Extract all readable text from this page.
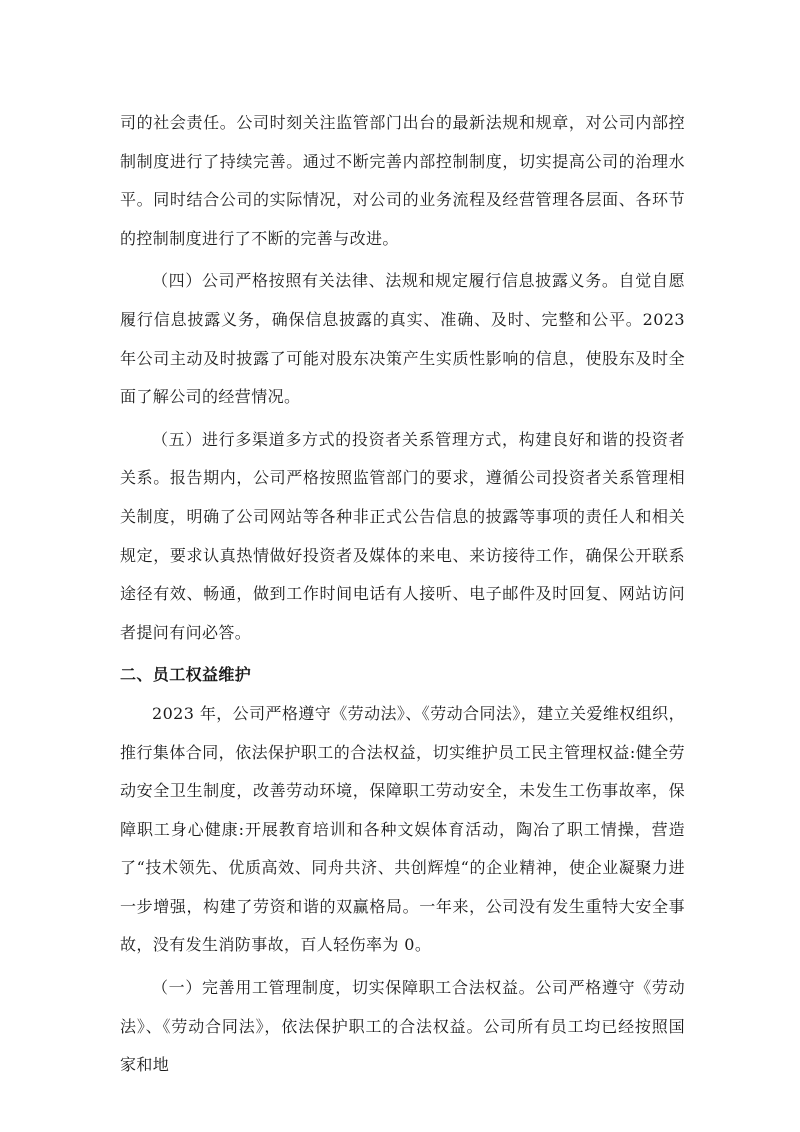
司的社会责任。公司时刻关注监管部门出台的最新法规和规章，对公司内部控制制度进行了持续完善。通过不断完善内部控制制度，切实提高公司的治理水平。同时结合公司的实际情况，对公司的业务流程及经营管理各层面、各环节的控制制度进行了不断的完善与改进。

（四）公司严格按照有关法律、法规和规定履行信息披露义务。自觉自愿履行信息披露义务，确保信息披露的真实、准确、及时、完整和公平。2023 年公司主动及时披露了可能对股东决策产生实质性影响的信息，使股东及时全面了解公司的经营情况。

（五）进行多渠道多方式的投资者关系管理方式，构建良好和谐的投资者关系。报告期内，公司严格按照监管部门的要求，遵循公司投资者关系管理相关制度，明确了公司网站等各种非正式公告信息的披露等事项的责任人和相关规定，要求认真热情做好投资者及媒体的来电、来访接待工作，确保公开联系途径有效、畅通，做到工作时间电话有人接听、电子邮件及时回复、网站访问者提问有问必答。

二、员工权益维护

2023 年，公司严格遵守《劳动法》、《劳动合同法》，建立关爱维权组织，推行集体合同，依法保护职工的合法权益，切实维护员工民主管理权益:健全劳动安全卫生制度，改善劳动环境，保障职工劳动安全，未发生工伤事故率，保障职工身心健康:开展教育培训和各种文娱体育活动，陶冶了职工情操，营造了“技术领先、优质高效、同舟共济、共创辉煌“的企业精神，使企业凝聚力进一步增强，构建了劳资和谐的双赢格局。一年来，公司没有发生重特大安全事故，没有发生消防事故，百人轻伤率为 0。

（一）完善用工管理制度，切实保障职工合法权益。公司严格遵守《劳动法》、《劳动合同法》，依法保护职工的合法权益。公司所有员工均已经按照国家和地
